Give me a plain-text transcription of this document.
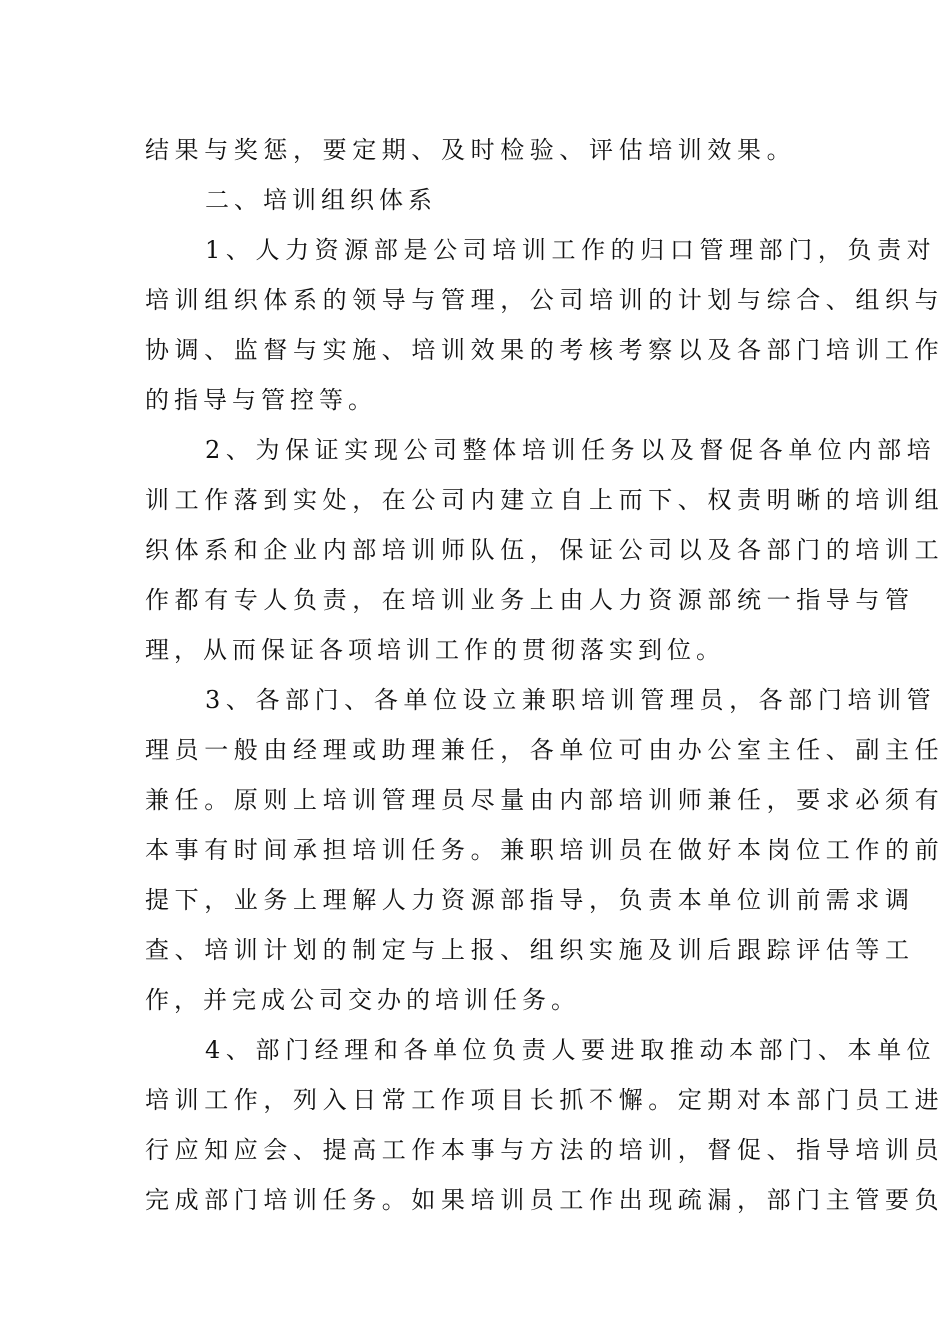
结果与奖惩，要定期、及时检验、评估培训效果。
二、培训组织体系
1、人力资源部是公司培训工作的归口管理部门，负责对
培训组织体系的领导与管理，公司培训的计划与综合、组织与
协调、监督与实施、培训效果的考核考察以及各部门培训工作
的指导与管控等。
2、为保证实现公司整体培训任务以及督促各单位内部培
训工作落到实处，在公司内建立自上而下、权责明晰的培训组
织体系和企业内部培训师队伍，保证公司以及各部门的培训工
作都有专人负责，在培训业务上由人力资源部统一指导与管
理，从而保证各项培训工作的贯彻落实到位。
3、各部门、各单位设立兼职培训管理员，各部门培训管
理员一般由经理或助理兼任，各单位可由办公室主任、副主任
兼任。原则上培训管理员尽量由内部培训师兼任，要求必须有
本事有时间承担培训任务。兼职培训员在做好本岗位工作的前
提下，业务上理解人力资源部指导，负责本单位训前需求调
查、培训计划的制定与上报、组织实施及训后跟踪评估等工
作，并完成公司交办的培训任务。
4、部门经理和各单位负责人要进取推动本部门、本单位
培训工作，列入日常工作项目长抓不懈。定期对本部门员工进
行应知应会、提高工作本事与方法的培训，督促、指导培训员
完成部门培训任务。如果培训员工作出现疏漏，部门主管要负
